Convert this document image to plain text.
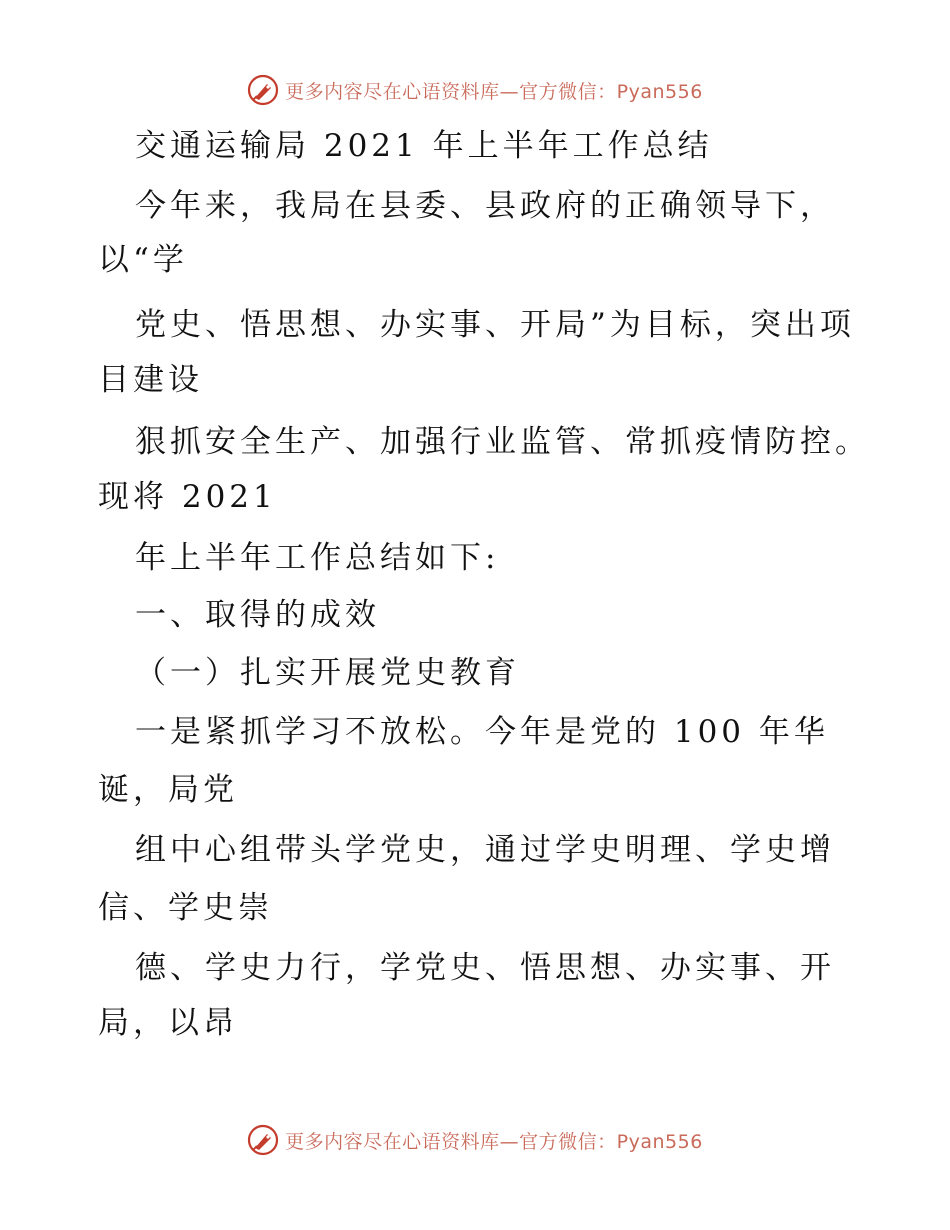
更多内容尽在心语资料库—官方微信：Pyan556
交通运输局 2021 年上半年工作总结
今年来，我局在县委、县政府的正确领导下，
以“学
党史、悟思想、办实事、开局”为目标，突出项
目建设
狠抓安全生产、加强行业监管、常抓疫情防控。
现将 2021
年上半年工作总结如下:
一、取得的成效
（一）扎实开展党史教育
一是紧抓学习不放松。今年是党的 100 年华
诞，局党
组中心组带头学党史，通过学史明理、学史增
信、学史崇
德、学史力行，学党史、悟思想、办实事、开
局，以昂
更多内容尽在心语资料库—官方微信：Pyan556
